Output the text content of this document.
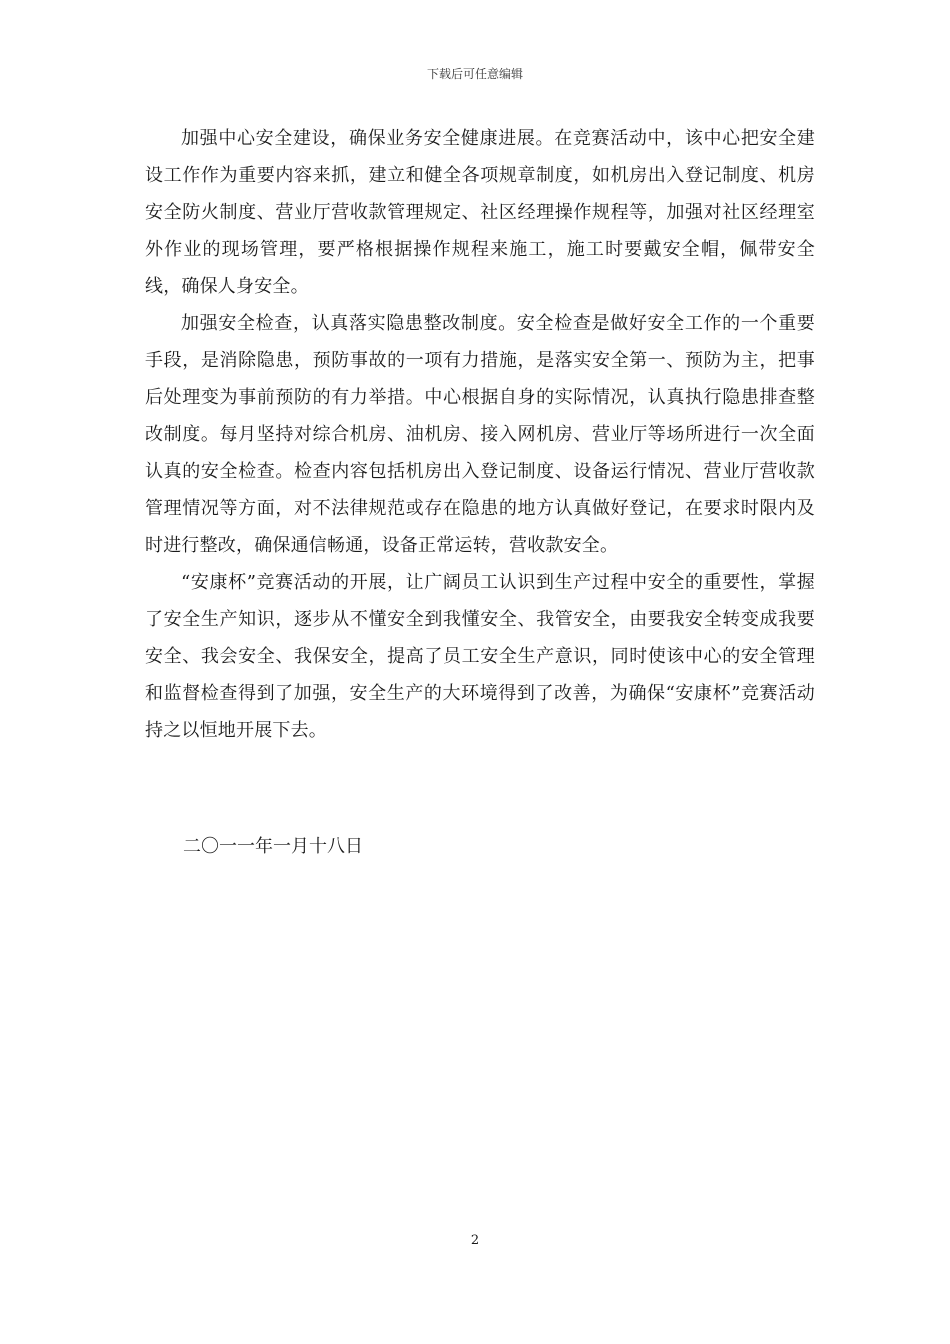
下载后可任意编辑

加强中心安全建设，确保业务安全健康进展。在竞赛活动中，该中心把安全建设工作作为重要内容来抓，建立和健全各项规章制度，如机房出入登记制度、机房安全防火制度、营业厅营收款管理规定、社区经理操作规程等，加强对社区经理室外作业的现场管理，要严格根据操作规程来施工，施工时要戴安全帽，佩带安全线，确保人身安全。

加强安全检查，认真落实隐患整改制度。安全检查是做好安全工作的一个重要手段，是消除隐患，预防事故的一项有力措施，是落实安全第一、预防为主，把事后处理变为事前预防的有力举措。中心根据自身的实际情况，认真执行隐患排查整改制度。每月坚持对综合机房、油机房、接入网机房、营业厅等场所进行一次全面认真的安全检查。检查内容包括机房出入登记制度、设备运行情况、营业厅营收款管理情况等方面，对不法律规范或存在隐患的地方认真做好登记，在要求时限内及时进行整改，确保通信畅通，设备正常运转，营收款安全。

“安康杯”竞赛活动的开展，让广阔员工认识到生产过程中安全的重要性，掌握了安全生产知识，逐步从不懂安全到我懂安全、我管安全，由要我安全转变成我要安全、我会安全、我保安全，提高了员工安全生产意识，同时使该中心的安全管理和监督检查得到了加强，安全生产的大环境得到了改善，为确保“安康杯”竞赛活动持之以恒地开展下去。

二〇一一年一月十八日
2
